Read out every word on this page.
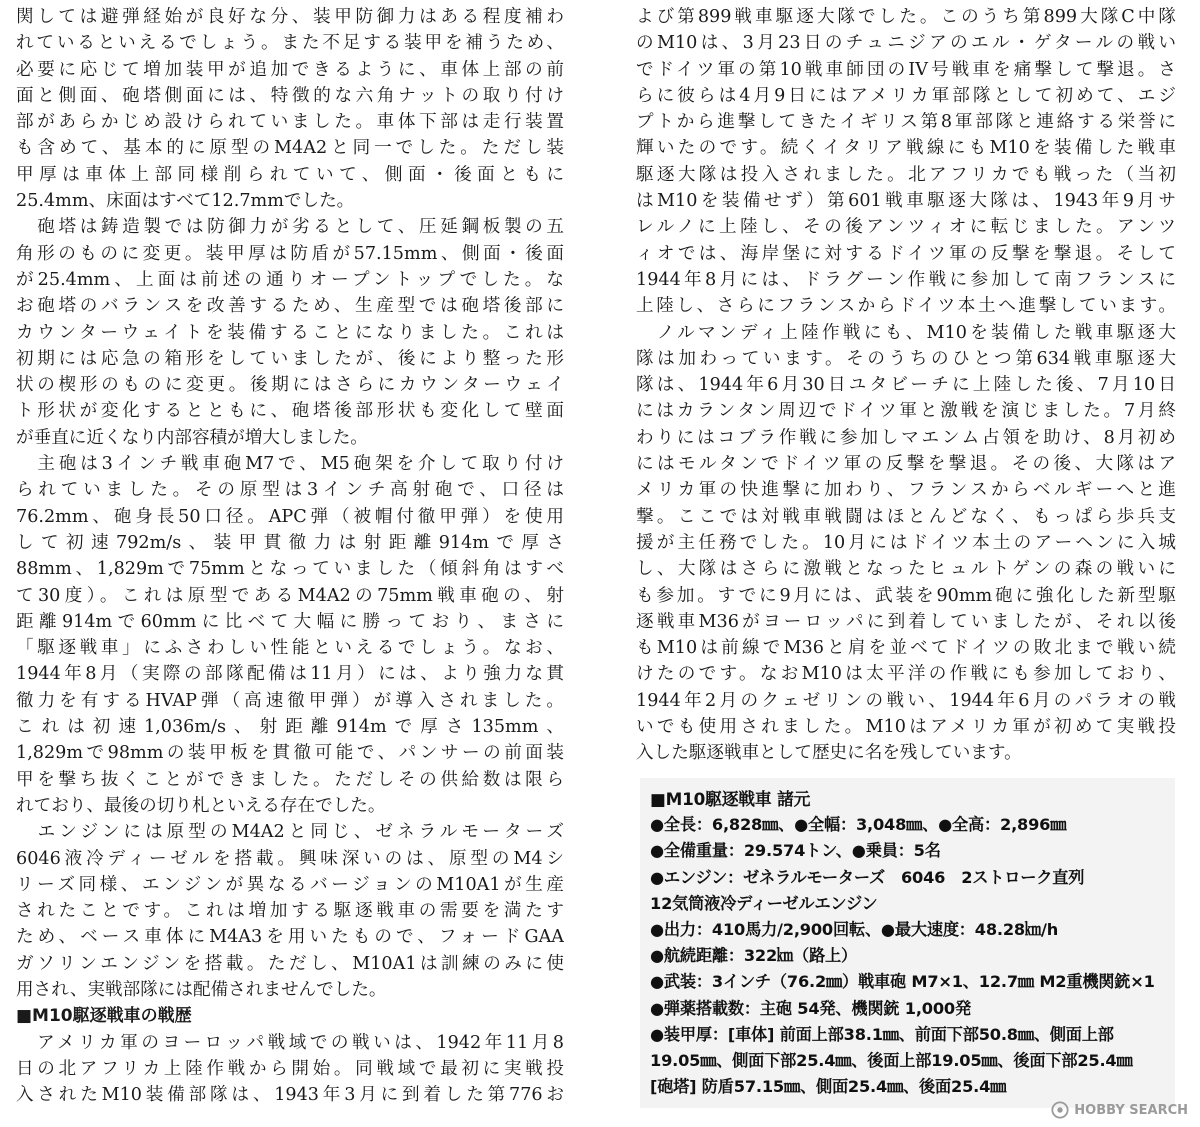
関しては避弾経始が良好な分、装甲防御力はある程度補わ
れているといえるでしょう。また不足する装甲を補うため、
必要に応じて増加装甲が追加できるように、車体上部の前
面と側面、砲塔側面には、特徴的な六角ナットの取り付け
部があらかじめ設けられていました。車体下部は走行装置
も含めて、基本的に原型のM4A2と同一でした。ただし装
甲厚は車体上部同様削られていて、側面・後面ともに
25.4mm、床面はすべて12.7mmでした。
　砲塔は鋳造製では防御力が劣るとして、圧延鋼板製の五
角形のものに変更。装甲厚は防盾が57.15mm、側面・後面
が25.4mm、上面は前述の通りオープントップでした。な
お砲塔のバランスを改善するため、生産型では砲塔後部に
カウンターウェイトを装備することになりました。これは
初期には応急の箱形をしていましたが、後により整った形
状の楔形のものに変更。後期にはさらにカウンターウェイ
ト形状が変化するとともに、砲塔後部形状も変化して壁面
が垂直に近くなり内部容積が増大しました。
　主砲は3インチ戦車砲M7で、M5砲架を介して取り付け
られていました。その原型は3インチ高射砲で、口径は
76.2mm、砲身長50口径。APC弾（被帽付徹甲弾）を使用
して初速792m/s、装甲貫徹力は射距離914mで厚さ
88mm、1,829mで75mmとなっていました（傾斜角はすべ
て30度）。これは原型であるM4A2の75mm戦車砲の、射
距離914mで60mmに比べて大幅に勝っており、まさに
「駆逐戦車」にふさわしい性能といえるでしょう。なお、
1944年8月（実際の部隊配備は11月）には、より強力な貫
徹力を有するHVAP弾（高速徹甲弾）が導入されました。
これは初速1,036m/s、射距離914mで厚さ135mm、
1,829mで98mmの装甲板を貫徹可能で、パンサーの前面装
甲を撃ち抜くことができました。ただしその供給数は限ら
れており、最後の切り札といえる存在でした。
　エンジンには原型のM4A2と同じ、ゼネラルモーターズ
6046液冷ディーゼルを搭載。興味深いのは、原型のM4シ
リーズ同様、エンジンが異なるバージョンのM10A1が生産
されたことです。これは増加する駆逐戦車の需要を満たす
ため、ベース車体にM4A3を用いたもので、フォードGAA
ガソリンエンジンを搭載。ただし、M10A1は訓練のみに使
用され、実戦部隊には配備されませんでした。
■M10駆逐戦車の戦歴
　アメリカ軍のヨーロッパ戦域での戦いは、1942年11月8
日の北アフリカ上陸作戦から開始。同戦域で最初に実戦投
入されたM10装備部隊は、1943年3月に到着した第776お
よび第899戦車駆逐大隊でした。このうち第899大隊C中隊
のM10は、3月23日のチュニジアのエル・ゲタールの戦い
でドイツ軍の第10戦車師団のIV号戦車を痛撃して撃退。さ
らに彼らは4月9日にはアメリカ軍部隊として初めて、エジ
プトから進撃してきたイギリス第8軍部隊と連絡する栄誉に
輝いたのです。続くイタリア戦線にもM10を装備した戦車
駆逐大隊は投入されました。北アフリカでも戦った（当初
はM10を装備せず）第601戦車駆逐大隊は、1943年9月サ
レルノに上陸し、その後アンツィオに転じました。アンツ
ィオでは、海岸堡に対するドイツ軍の反撃を撃退。そして
1944年8月には、ドラグーン作戦に参加して南フランスに
上陸し、さらにフランスからドイツ本土へ進撃しています。
　ノルマンディ上陸作戦にも、M10を装備した戦車駆逐大
隊は加わっています。そのうちのひとつ第634戦車駆逐大
隊は、1944年6月30日ユタビーチに上陸した後、7月10日
にはカランタン周辺でドイツ軍と激戦を演じました。7月終
わりにはコブラ作戦に参加しマエンム占領を助け、8月初め
にはモルタンでドイツ軍の反撃を撃退。その後、大隊はア
メリカ軍の快進撃に加わり、フランスからベルギーへと進
撃。ここでは対戦車戦闘はほとんどなく、もっぱら歩兵支
援が主任務でした。10月にはドイツ本土のアーヘンに入城
し、大隊はさらに激戦となったヒュルトゲンの森の戦いに
も参加。すでに9月には、武装を90mm砲に強化した新型駆
逐戦車M36がヨーロッパに到着していましたが、それ以後
もM10は前線でM36と肩を並べてドイツの敗北まで戦い続
けたのです。なおM10は太平洋の作戦にも参加しており、
1944年2月のクェゼリンの戦い、1944年6月のパラオの戦
いでも使用されました。M10はアメリカ軍が初めて実戦投
入した駆逐戦車として歴史に名を残しています。
■M10駆逐戦車 諸元
●全長：6,828㎜、●全幅：3,048㎜、●全高：2,896㎜
●全備重量：29.574トン、●乗員：5名
●エンジン：ゼネラルモーターズ　6046　2ストローク直列
12気筒液冷ディーゼルエンジン
●出力：410馬力/2,900回転、●最大速度：48.28㎞/h
●航続距離：322㎞（路上）
●武装：3インチ（76.2㎜）戦車砲 M7×1、12.7㎜ M2重機関銃×1
●弾薬搭載数：主砲 54発、機関銃 1,000発
●装甲厚：[車体] 前面上部38.1㎜、前面下部50.8㎜、側面上部
19.05㎜、側面下部25.4㎜、後面上部19.05㎜、後面下部25.4㎜
[砲塔] 防盾57.15㎜、側面25.4㎜、後面25.4㎜
HOBBY SEARCH
